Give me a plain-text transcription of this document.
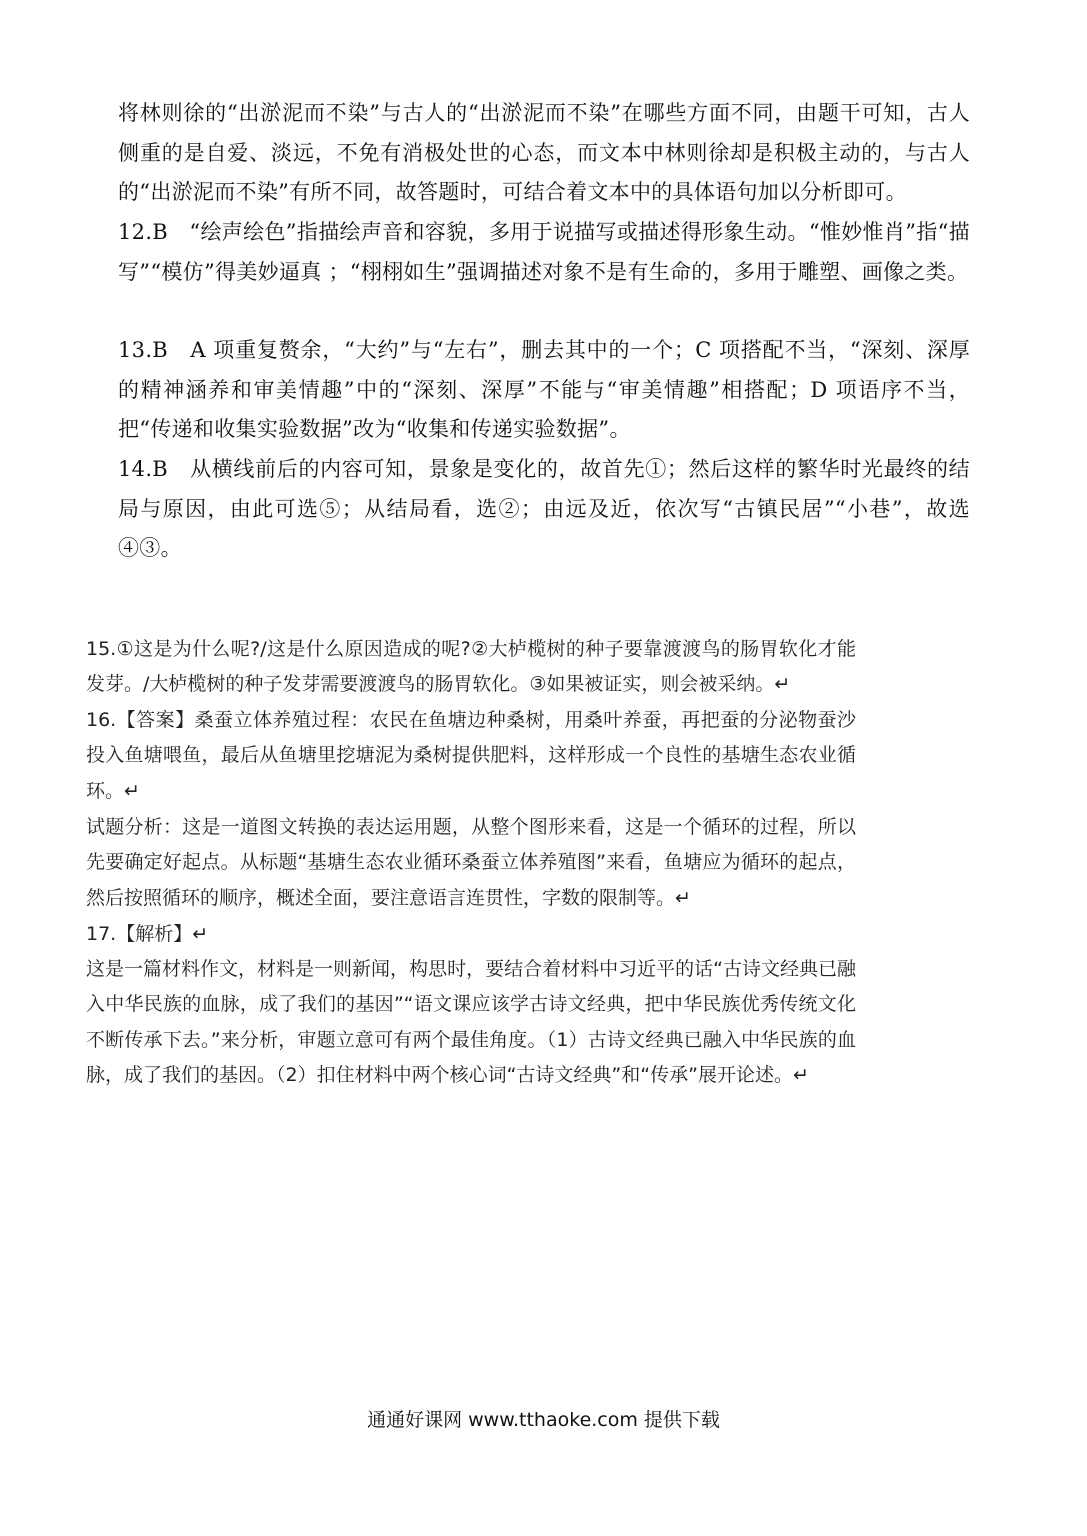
将林则徐的“出淤泥而不染”与古人的“出淤泥而不染”在哪些方面不同，由题干可知，古人侧重的是自爱、淡远，不免有消极处世的心态，而文本中林则徐却是积极主动的，与古人的“出淤泥而不染”有所不同，故答题时，可结合着文本中的具体语句加以分析即可。

12.B　“绘声绘色”指描绘声音和容貌，多用于说描写或描述得形象生动。“惟妙惟肖”指“描写”“模仿”得美妙逼真 ；“栩栩如生”强调描述对象不是有生命的，多用于雕塑、画像之类。

13.B　A 项重复赘余，“大约”与“左右”，删去其中的一个；C 项搭配不当，“深刻、深厚的精神涵养和审美情趣”中的“深刻、深厚”不能与“审美情趣”相搭配；D 项语序不当，把“传递和收集实验数据”改为“收集和传递实验数据”。

14.B　从横线前后的内容可知，景象是变化的，故首先①；然后这样的繁华时光最终的结局与原因，由此可选⑤；从结局看，选②；由远及近，依次写“古镇民居”“小巷”，故选④③。

15.①这是为什么呢?/这是什么原因造成的呢?②大栌榄树的种子要靠渡渡鸟的肠胃软化才能发芽。/大栌榄树的种子发芽需要渡渡鸟的肠胃软化。③如果被证实，则会被采纳。↵

16.【答案】桑蚕立体养殖过程：农民在鱼塘边种桑树，用桑叶养蚕，再把蚕的分泌物蚕沙投入鱼塘喂鱼，最后从鱼塘里挖塘泥为桑树提供肥料，这样形成一个良性的基塘生态农业循环。↵

试题分析：这是一道图文转换的表达运用题，从整个图形来看，这是一个循环的过程，所以先要确定好起点。从标题“基塘生态农业循环桑蚕立体养殖图”来看，鱼塘应为循环的起点，然后按照循环的顺序，概述全面，要注意语言连贯性，字数的限制等。↵

17.【解析】↵

这是一篇材料作文，材料是一则新闻，构思时，要结合着材料中习近平的话“古诗文经典已融入中华民族的血脉，成了我们的基因”“语文课应该学古诗文经典，把中华民族优秀传统文化不断传承下去。”来分析，审题立意可有两个最佳角度。（1）古诗文经典已融入中华民族的血脉，成了我们的基因。（2）扣住材料中两个核心词“古诗文经典”和“传承”展开论述。↵

通通好课网 www.tthaoke.com 提供下载
